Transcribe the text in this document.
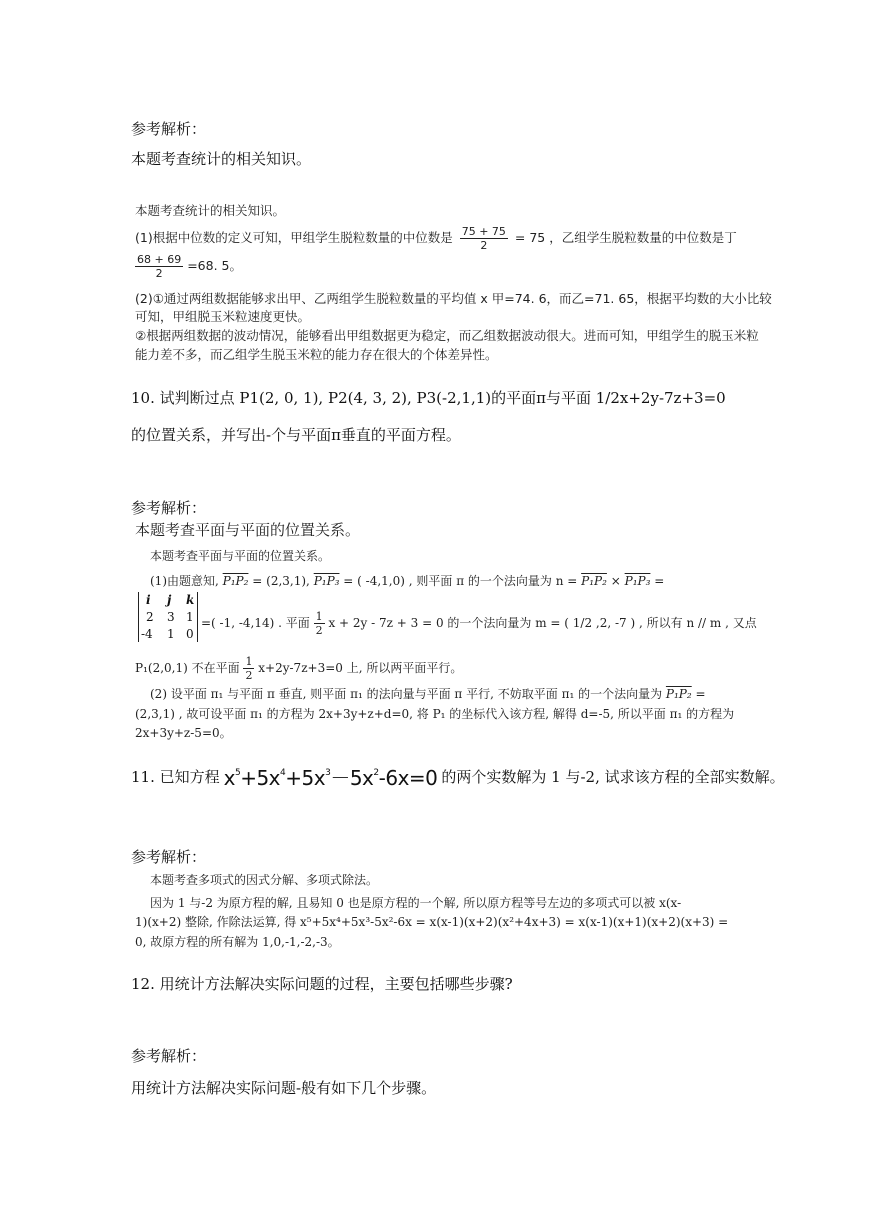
参考解析：
本题考查统计的相关知识。
本题考查统计的相关知识。
(1)根据中位数的定义可知，甲组学生脱粒数量的中位数是 $\frac{75 + 75}{2} = 75$ ，乙组学生脱粒数量的中位数是丁
$\frac{68 + 69}{2} =68$. 5。
(2)①通过两组数据能够求出甲、乙两组学生脱粒数量的平均值 x 甲=74. 6，而乙=71. 65，根据平均数的大小比较
可知，甲组脱玉米粒速度更快。
②根据两组数据的波动情况，能够看出甲组数据更为稳定，而乙组数据波动很大。进而可知，甲组学生的脱玉米粒
能力差不多，而乙组学生脱玉米粒的能力存在很大的个体差异性。
10. 试判断过点 P1(2, 0, 1), P2(4, 3, 2), P3(-2,1,1)的平面π与平面 1/2x+2y-7z+3=0
的位置关系，并写出-个与平面π垂直的平面方程。
参考解析：
本题考查平面与平面的位置关系。
本题考查平面与平面的位置关系。
(1)由题意知, P₁P₂ = (2,3,1), P₁P₃ = ( -4,1,0) , 则平面 π 的一个法向量为 n = P₁P₂ × P₁P₃ =
i j k
2 3 1
-4 1 0
=( -1, -4,14) . 平面 $\frac{1}{2}$ x + 2y - 7z + 3 = 0 的一个法向量为 m = ( 1/2 ,2, -7 ) , 所以有 n // m , 又点
P₁(2,0,1) 不在平面 $\frac{1}{2} x+2y-7z+3=0$ 上, 所以两平面平行。
(2) 设平面 π₁ 与平面 π 垂直, 则平面 π₁ 的法向量与平面 π 平行, 不妨取平面 π₁ 的一个法向量为 P₁P₂ =
(2,3,1) , 故可设平面 π₁ 的方程为 2x+3y+z+d=0, 将 P₁ 的坐标代入该方程, 解得 d=-5, 所以平面 π₁ 的方程为
2x+3y+z-5=0。
11. 已知方程 $x^5+5x^4+5x^3-5x^2-6x=0$ 的两个实数解为 1 与-2, 试求该方程的全部实数解。
参考解析：
本题考查多项式的因式分解、多项式除法。
因为 1 与-2 为原方程的解, 且易知 0 也是原方程的一个解, 所以原方程等号左边的多项式可以被 x(x-
1)(x+2) 整除, 作除法运算, 得 x⁵+5x⁴+5x³-5x²-6x = x(x-1)(x+2)(x²+4x+3) = x(x-1)(x+1)(x+2)(x+3) =
0, 故原方程的所有解为 1,0,-1,-2,-3。
12. 用统计方法解决实际问题的过程，主要包括哪些步骤?
参考解析：
用统计方法解决实际问题-般有如下几个步骤。
